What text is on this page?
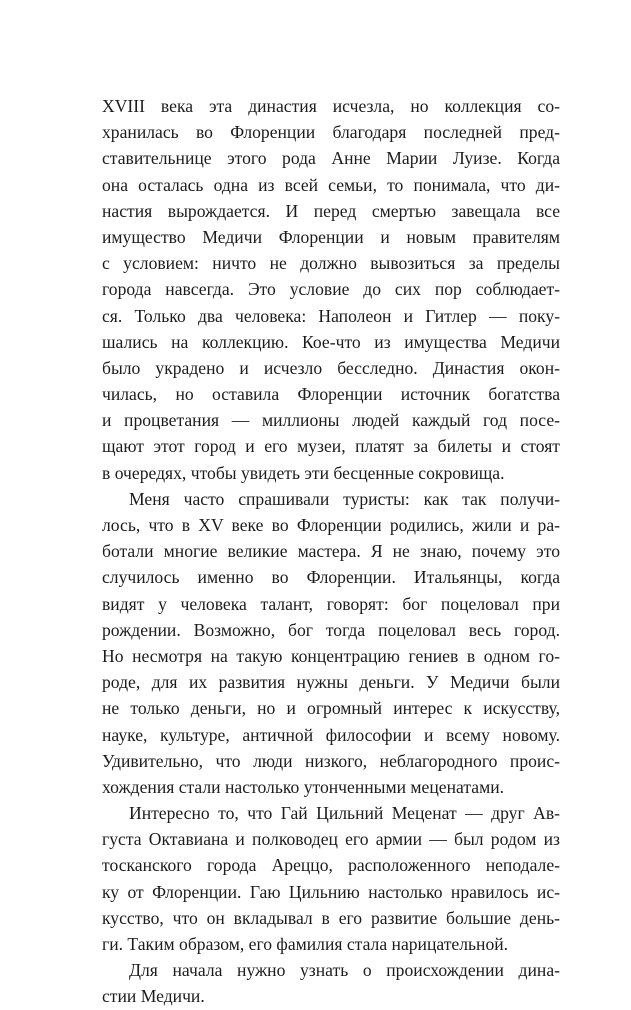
XVIII века эта династия исчезла, но коллекция со-
хранилась во Флоренции благодаря последней пред-
ставительнице этого рода Анне Марии Луизе. Когда
она осталась одна из всей семьи, то понимала, что ди-
настия вырождается. И перед смертью завещала все
имущество Медичи Флоренции и новым правителям
с условием: ничто не должно вывозиться за пределы
города навсегда. Это условие до сих пор соблюдает-
ся. Только два человека: Наполеон и Гитлер — поку-
шались на коллекцию. Кое-что из имущества Медичи
было украдено и исчезло бесследно. Династия окон-
чилась, но оставила Флоренции источник богатства
и процветания — миллионы людей каждый год посе-
щают этот город и его музеи, платят за билеты и стоят
в очередях, чтобы увидеть эти бесценные сокровища.
Меня часто спрашивали туристы: как так получи-
лось, что в XV веке во Флоренции родились, жили и ра-
ботали многие великие мастера. Я не знаю, почему это
случилось именно во Флоренции. Итальянцы, когда
видят у человека талант, говорят: бог поцеловал при
рождении. Возможно, бог тогда поцеловал весь город.
Но несмотря на такую концентрацию гениев в одном го-
роде, для их развития нужны деньги. У Медичи были
не только деньги, но и огромный интерес к искусству,
науке, культуре, античной философии и всему новому.
Удивительно, что люди низкого, неблагородного проис-
хождения стали настолько утонченными меценатами.
Интересно то, что Гай Цильний Меценат — друг Ав-
густа Октавиана и полководец его армии — был родом из
тосканского города Ареццо, расположенного неподале-
ку от Флоренции. Гаю Цильнию настолько нравилось ис-
кусство, что он вкладывал в его развитие большие день-
ги. Таким образом, его фамилия стала нарицательной.
Для начала нужно узнать о происхождении дина-
стии Медичи.
